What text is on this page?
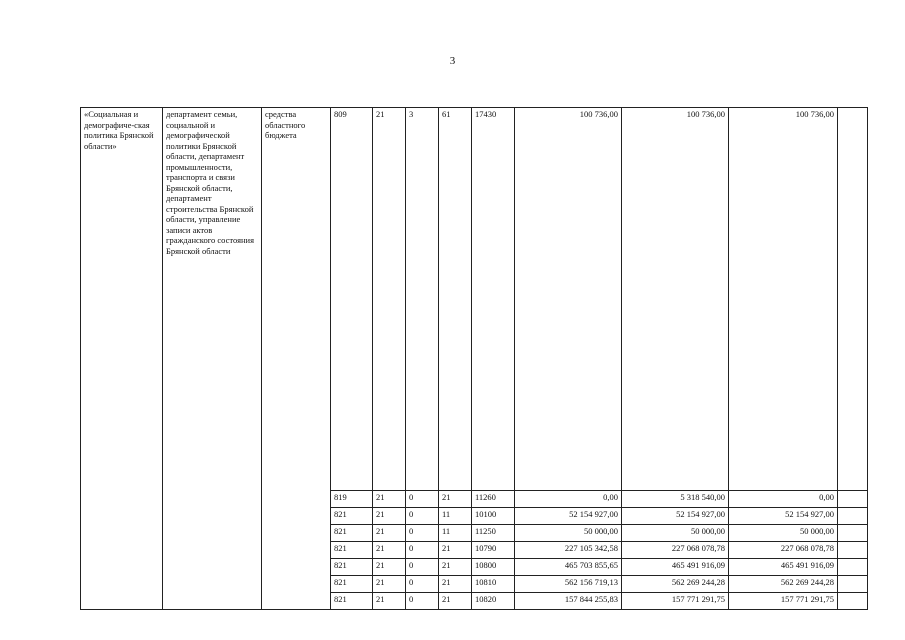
3
«Социальная и демографиче-ская политика Брянской области»	департамент семьи, социальной и демографической политики Брянской области, департамент промышленности, транспорта и связи Брянской области, департамент строительства Брянской области, управление записи актов гражданского состояния Брянской области	средства областного бюджета	809	21	3	61	17430	100 736,00	100 736,00	100 736,00	
			819	21	0	21	11260	0,00	5 318 540,00	0,00	
			821	21	0	11	10100	52 154 927,00	52 154 927,00	52 154 927,00	
			821	21	0	11	11250	50 000,00	50 000,00	50 000,00	
			821	21	0	21	10790	227 105 342,58	227 068 078,78	227 068 078,78	
			821	21	0	21	10800	465 703 855,65	465 491 916,09	465 491 916,09	
			821	21	0	21	10810	562 156 719,13	562 269 244,28	562 269 244,28	
			821	21	0	21	10820	157 844 255,83	157 771 291,75	157 771 291,75	
